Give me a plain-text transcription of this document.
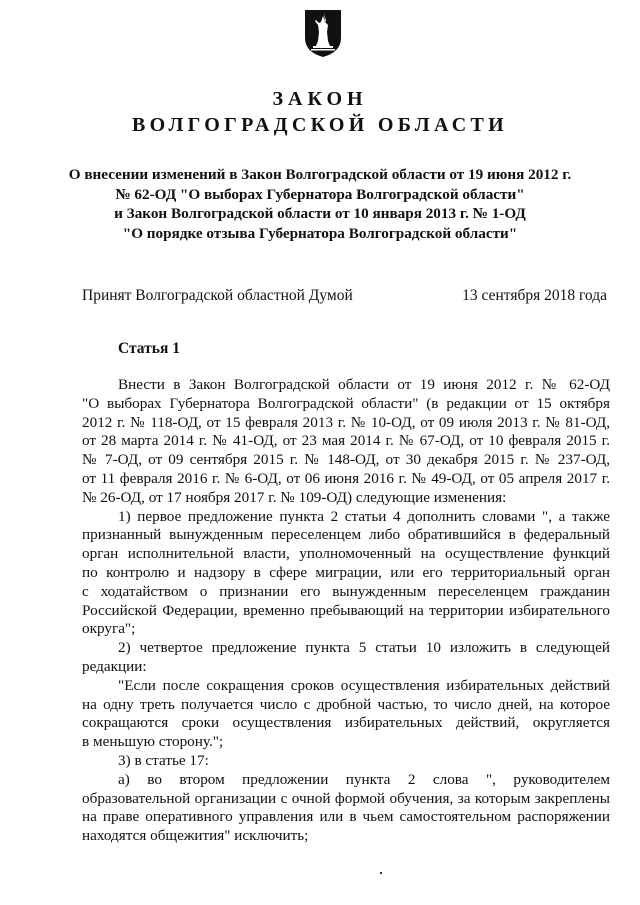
ЗАКОН
ВОЛГОГРАДСКОЙ ОБЛАСТИ
О внесении изменений в Закон Волгоградской области от 19 июня 2012 г.
№ 62-ОД "О выборах Губернатора Волгоградской области"
и Закон Волгоградской области от 10 января 2013 г. № 1-ОД
"О порядке отзыва Губернатора Волгоградской области"
Принят Волгоградской областной Думой	13 сентября 2018 года
Статья 1
Внести в Закон Волгоградской области от 19 июня 2012 г. № 62-ОД
"О выборах Губернатора Волгоградской области" (в редакции от 15 октября
2012 г. № 118-ОД, от 15 февраля 2013 г. № 10-ОД, от 09 июля 2013 г. № 81-ОД,
от 28 марта 2014 г. № 41-ОД, от 23 мая 2014 г. № 67-ОД, от 10 февраля 2015 г.
№ 7-ОД, от 09 сентября 2015 г. № 148-ОД, от 30 декабря 2015 г. № 237-ОД,
от 11 февраля 2016 г. № 6-ОД, от 06 июня 2016 г. № 49-ОД, от 05 апреля 2017 г.
№ 26-ОД, от 17 ноября 2017 г. № 109-ОД) следующие изменения:
1) первое предложение пункта 2 статьи 4 дополнить словами ", а также
признанный вынужденным переселенцем либо обратившийся в федеральный
орган исполнительной власти, уполномоченный на осуществление функций
по контролю и надзору в сфере миграции, или его территориальный орган
с ходатайством о признании его вынужденным переселенцем гражданин
Российской Федерации, временно пребывающий на территории избирательного
округа";
2) четвертое предложение пункта 5 статьи 10 изложить в следующей
редакции:
"Если после сокращения сроков осуществления избирательных действий
на одну треть получается число с дробной частью, то число дней, на которое
сокращаются сроки осуществления избирательных действий, округляется
в меньшую сторону.";
3) в статье 17:
а) во втором предложении пункта 2 слова ", руководителем
образовательной организации с очной формой обучения, за которым закреплены
на праве оперативного управления или в чьем самостоятельном распоряжении
находятся общежития" исключить;
